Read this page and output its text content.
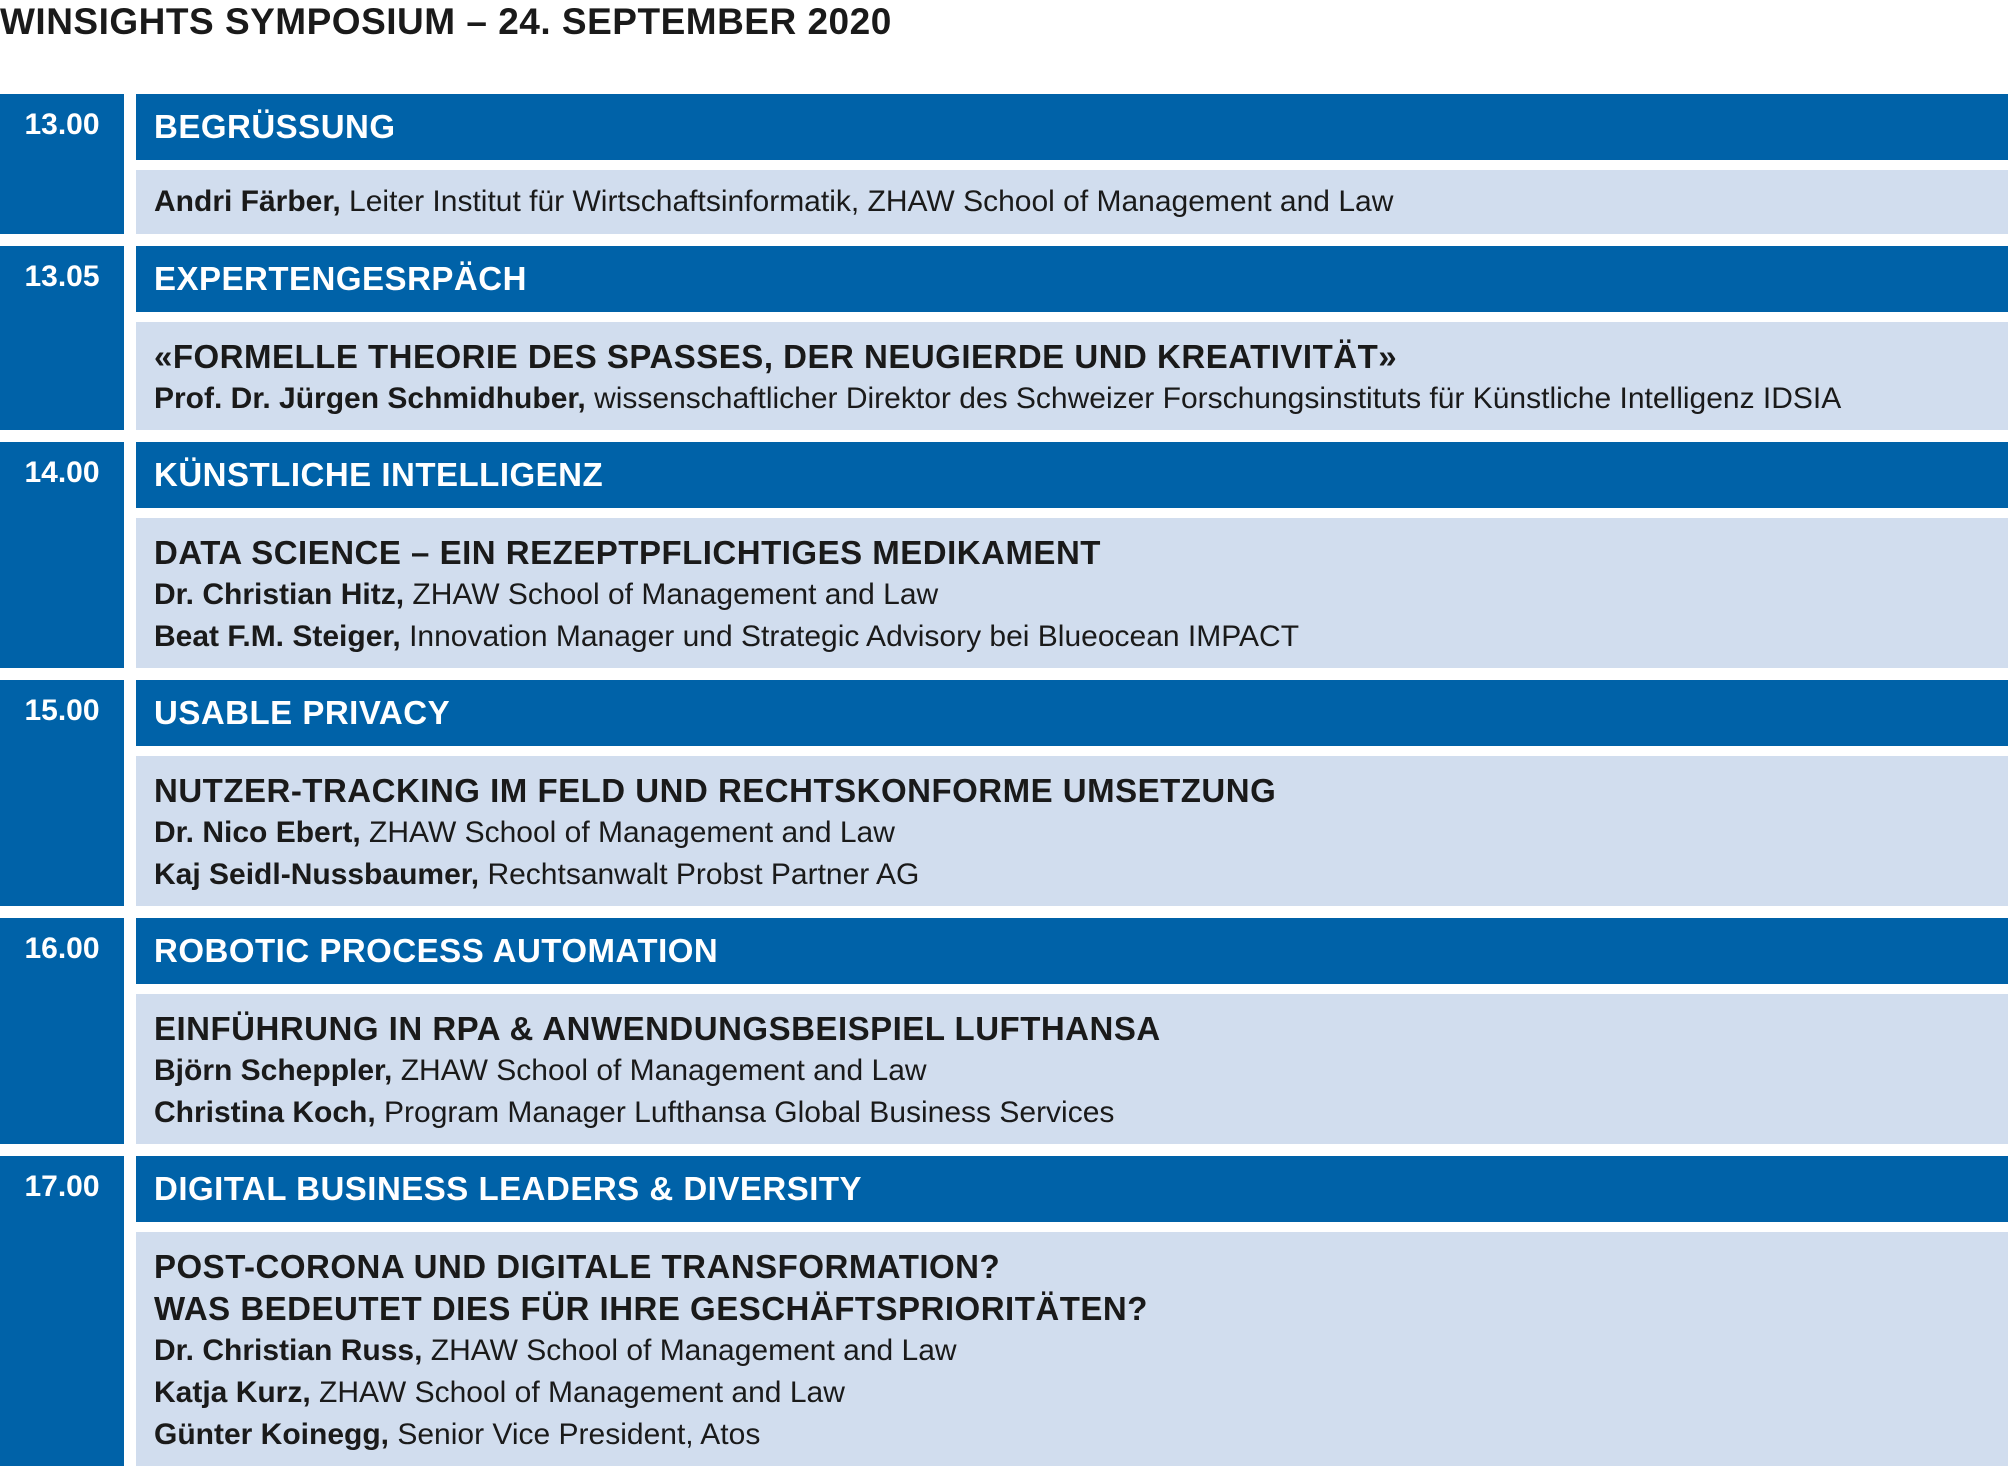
WINSIGHTS SYMPOSIUM – 24. SEPTEMBER 2020
13.00	BEGRÜSSUNG
Andri Färber, Leiter Institut für Wirtschaftsinformatik, ZHAW School of Management and Law
13.05	EXPERTENGESRPÄCH
«FORMELLE THEORIE DES SPASSES, DER NEUGIERDE UND KREATIVITÄT»
Prof. Dr. Jürgen Schmidhuber, wissenschaftlicher Direktor des Schweizer Forschungsinstituts für Künstliche Intelligenz IDSIA
14.00	KÜNSTLICHE INTELLIGENZ
DATA SCIENCE – EIN REZEPTPFLICHTIGES MEDIKAMENT
Dr. Christian Hitz, ZHAW School of Management and Law
Beat F.M. Steiger, Innovation Manager und Strategic Advisory bei Blueocean IMPACT
15.00	USABLE PRIVACY
NUTZER-TRACKING IM FELD UND RECHTSKONFORME UMSETZUNG
Dr. Nico Ebert, ZHAW School of Management and Law
Kaj Seidl-Nussbaumer, Rechtsanwalt Probst Partner AG
16.00	ROBOTIC PROCESS AUTOMATION
EINFÜHRUNG IN RPA & ANWENDUNGSBEISPIEL LUFTHANSA
Björn Scheppler, ZHAW School of Management and Law
Christina Koch, Program Manager Lufthansa Global Business Services
17.00	DIGITAL BUSINESS LEADERS & DIVERSITY
POST-CORONA UND DIGITALE TRANSFORMATION?
WAS BEDEUTET DIES FÜR IHRE GESCHÄFTSPRIORITÄTEN?
Dr. Christian Russ, ZHAW School of Management and Law
Katja Kurz, ZHAW School of Management and Law
Günter Koinegg, Senior Vice President, Atos
